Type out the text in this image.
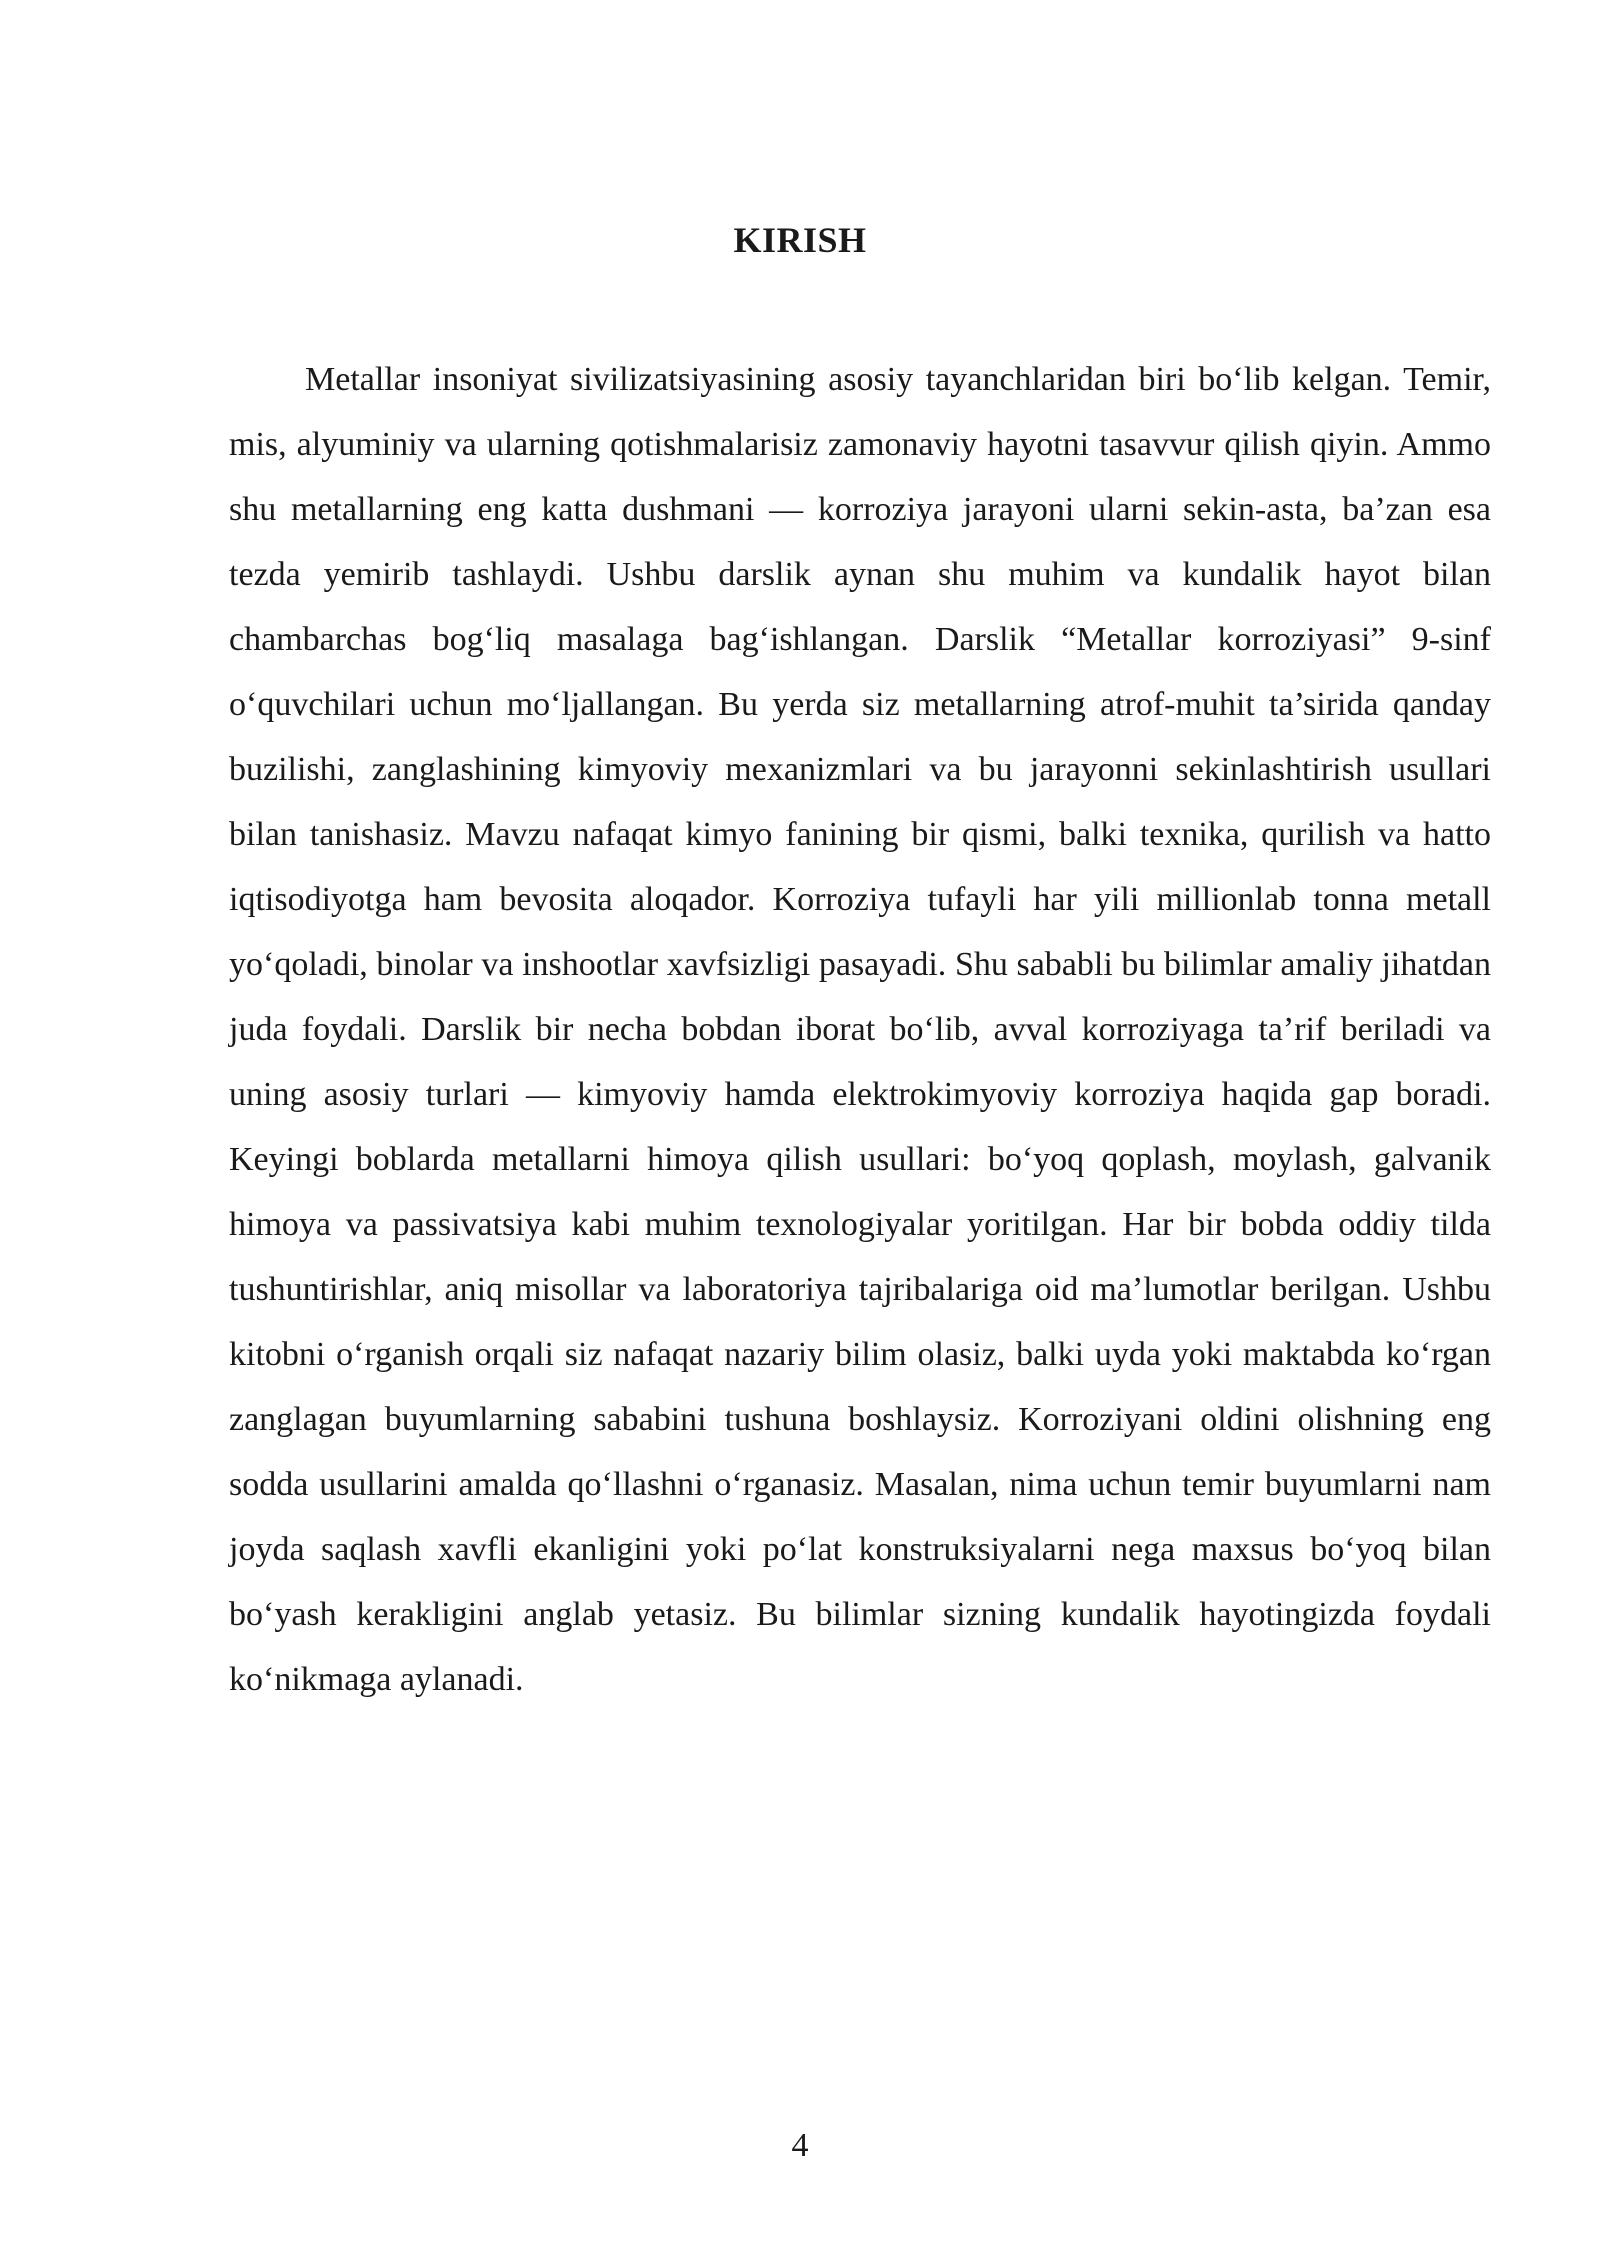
KIRISH

Metallar insoniyat sivilizatsiyasining asosiy tayanchlaridan biri bo‘lib kelgan. Temir, mis, alyuminiy va ularning qotishmalarisiz zamonaviy hayotni tasavvur qilish qiyin. Ammo shu metallarning eng katta dushmani — korroziya jarayoni ularni sekin-asta, ba’zan esa tezda yemirib tashlaydi. Ushbu darslik aynan shu muhim va kundalik hayot bilan chambarchas bog‘liq masalaga bag‘ishlangan. Darslik “Metallar korroziyasi” 9-sinf o‘quvchilari uchun mo‘ljallangan. Bu yerda siz metallarning atrof-muhit ta’sirida qanday buzilishi, zanglashining kimyoviy mexanizmlari va bu jarayonni sekinlashtirish usullari bilan tanishasiz. Mavzu nafaqat kimyo fanining bir qismi, balki texnika, qurilish va hatto iqtisodiyotga ham bevosita aloqador. Korroziya tufayli har yili millionlab tonna metall yo‘qoladi, binolar va inshootlar xavfsizligi pasayadi. Shu sababli bu bilimlar amaliy jihatdan juda foydali. Darslik bir necha bobdan iborat bo‘lib, avval korroziyaga ta’rif beriladi va uning asosiy turlari — kimyoviy hamda elektrokimyoviy korroziya haqida gap boradi. Keyingi boblarda metallarni himoya qilish usullari: bo‘yoq qoplash, moylash, galvanik himoya va passivatsiya kabi muhim texnologiyalar yoritilgan. Har bir bobda oddiy tilda tushuntirishlar, aniq misollar va laboratoriya tajribalariga oid ma’lumotlar berilgan. Ushbu kitobni o‘rganish orqali siz nafaqat nazariy bilim olasiz, balki uyda yoki maktabda ko‘rgan zanglagan buyumlarning sababini tushuna boshlaysiz. Korroziyani oldini olishning eng sodda usullarini amalda qo‘llashni o‘rganasiz. Masalan, nima uchun temir buyumlarni nam joyda saqlash xavfli ekanligini yoki po‘lat konstruksiyalarni nega maxsus bo‘yoq bilan bo‘yash kerakligini anglab yetasiz. Bu bilimlar sizning kundalik hayotingizda foydali ko‘nikmaga aylanadi.

4
